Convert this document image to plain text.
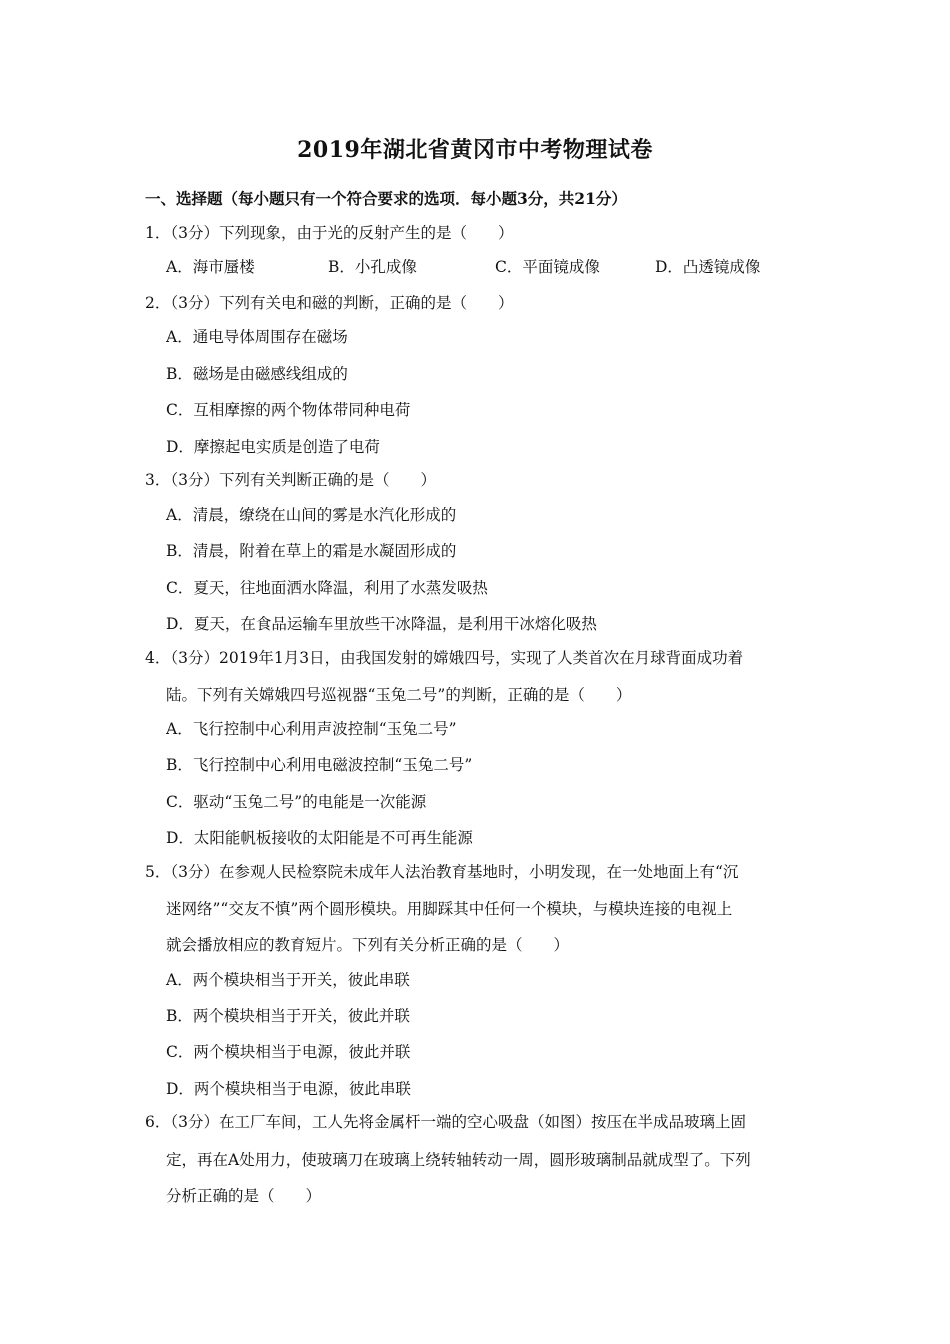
2019年湖北省黄冈市中考物理试卷
一、选择题（每小题只有一个符合要求的选项．每小题3分，共21分）
1．（3分）下列现象，由于光的反射产生的是（　　）
A．海市蜃楼	B．小孔成像	C．平面镜成像	D．凸透镜成像
2．（3分）下列有关电和磁的判断，正确的是（　　）
A．通电导体周围存在磁场
B．磁场是由磁感线组成的
C．互相摩擦的两个物体带同种电荷
D．摩擦起电实质是创造了电荷
3．（3分）下列有关判断正确的是（　　）
A．清晨，缭绕在山间的雾是水汽化形成的
B．清晨，附着在草上的霜是水凝固形成的
C．夏天，往地面洒水降温，利用了水蒸发吸热
D．夏天，在食品运输车里放些干冰降温，是利用干冰熔化吸热
4．（3分）2019年1月3日，由我国发射的嫦娥四号，实现了人类首次在月球背面成功着
陆。下列有关嫦娥四号巡视器“玉兔二号”的判断，正确的是（　　）
A．飞行控制中心利用声波控制“玉兔二号”
B．飞行控制中心利用电磁波控制“玉兔二号”
C．驱动“玉兔二号”的电能是一次能源
D．太阳能帆板接收的太阳能是不可再生能源
5．（3分）在参观人民检察院未成年人法治教育基地时，小明发现，在一处地面上有“沉
迷网络”“交友不慎”两个圆形模块。用脚踩其中任何一个模块，与模块连接的电视上
就会播放相应的教育短片。下列有关分析正确的是（　　）
A．两个模块相当于开关，彼此串联
B．两个模块相当于开关，彼此并联
C．两个模块相当于电源，彼此并联
D．两个模块相当于电源，彼此串联
6．（3分）在工厂车间，工人先将金属杆一端的空心吸盘（如图）按压在半成品玻璃上固
定，再在A处用力，使玻璃刀在玻璃上绕转轴转动一周，圆形玻璃制品就成型了。下列
分析正确的是（　　）
